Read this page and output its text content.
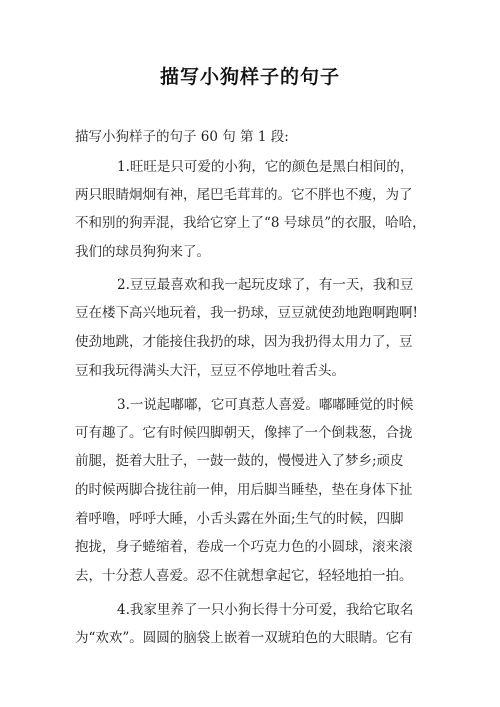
描写小狗样子的句子
描写小狗样子的句子 60 句 第 1 段:
1.旺旺是只可爱的小狗，它的颜色是黑白相间的，
两只眼睛炯炯有神，尾巴毛茸茸的。它不胖也不瘦，为了
不和别的狗弄混，我给它穿上了“8 号球员”的衣服，哈哈，
我们的球员狗狗来了。
2.豆豆最喜欢和我一起玩皮球了，有一天，我和豆
豆在楼下高兴地玩着，我一扔球，豆豆就使劲地跑啊跑啊!
使劲地跳，才能接住我扔的球，因为我扔得太用力了，豆
豆和我玩得满头大汗，豆豆不停地吐着舌头。
3.一说起嘟嘟，它可真惹人喜爱。嘟嘟睡觉的时候
可有趣了。它有时候四脚朝天，像摔了一个倒栽葱，合拢
前腿，挺着大肚子，一鼓一鼓的，慢慢进入了梦乡;顽皮
的时候两脚合拢往前一伸，用后脚当睡垫，垫在身体下扯
着呼噜，呼呼大睡，小舌头露在外面;生气的时候，四脚
抱拢，身子蜷缩着，卷成一个巧克力色的小圆球，滚来滚
去，十分惹人喜爱。忍不住就想拿起它，轻轻地拍一拍。
4.我家里养了一只小狗长得十分可爱，我给它取名
为“欢欢”。圆圆的脑袋上嵌着一双琥珀色的大眼睛。它有
